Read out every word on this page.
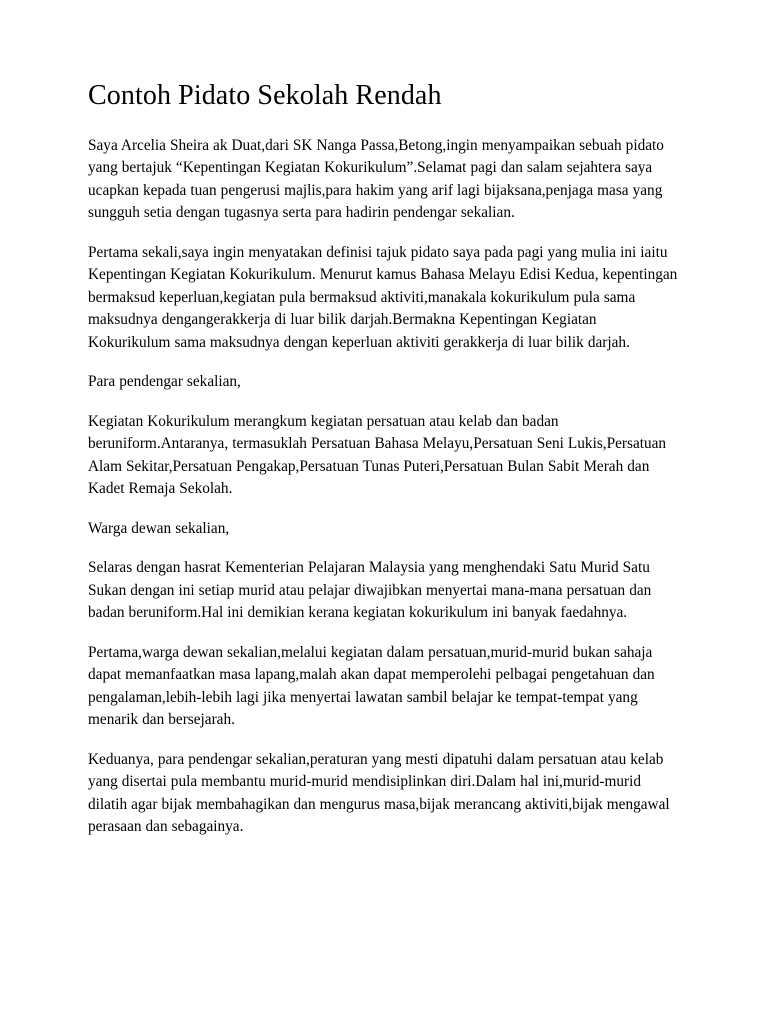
Contoh Pidato Sekolah Rendah

Saya Arcelia Sheira ak Duat,dari SK Nanga Passa,Betong,ingin menyampaikan sebuah pidato yang bertajuk “Kepentingan Kegiatan Kokurikulum”.Selamat pagi dan salam sejahtera saya ucapkan kepada tuan pengerusi majlis,para hakim yang arif lagi bijaksana,penjaga masa yang sungguh setia dengan tugasnya serta para hadirin pendengar sekalian.

Pertama sekali,saya ingin menyatakan definisi tajuk pidato saya pada pagi yang mulia ini iaitu Kepentingan Kegiatan Kokurikulum. Menurut kamus Bahasa Melayu Edisi Kedua, kepentingan bermaksud keperluan,kegiatan pula bermaksud aktiviti,manakala kokurikulum pula sama maksudnya dengangerakkerja di luar bilik darjah.Bermakna Kepentingan Kegiatan Kokurikulum sama maksudnya dengan keperluan aktiviti gerakkerja di luar bilik darjah.

Para pendengar sekalian,

Kegiatan Kokurikulum merangkum kegiatan persatuan atau kelab dan badan beruniform.Antaranya, termasuklah Persatuan Bahasa Melayu,Persatuan Seni Lukis,Persatuan Alam Sekitar,Persatuan Pengakap,Persatuan Tunas Puteri,Persatuan Bulan Sabit Merah dan Kadet Remaja Sekolah.

Warga dewan sekalian,

Selaras dengan hasrat Kementerian Pelajaran Malaysia yang menghendaki Satu Murid Satu Sukan dengan ini setiap murid atau pelajar diwajibkan menyertai mana-mana persatuan dan badan beruniform.Hal ini demikian kerana kegiatan kokurikulum ini banyak faedahnya.

Pertama,warga dewan sekalian,melalui kegiatan dalam persatuan,murid-murid bukan sahaja dapat memanfaatkan masa lapang,malah akan dapat memperolehi pelbagai pengetahuan dan pengalaman,lebih-lebih lagi jika menyertai lawatan sambil belajar ke tempat-tempat yang menarik dan bersejarah.

Keduanya, para pendengar sekalian,peraturan yang mesti dipatuhi dalam persatuan atau kelab yang disertai pula membantu murid-murid mendisiplinkan diri.Dalam hal ini,murid-murid dilatih agar bijak membahagikan dan mengurus masa,bijak merancang aktiviti,bijak mengawal perasaan dan sebagainya.
